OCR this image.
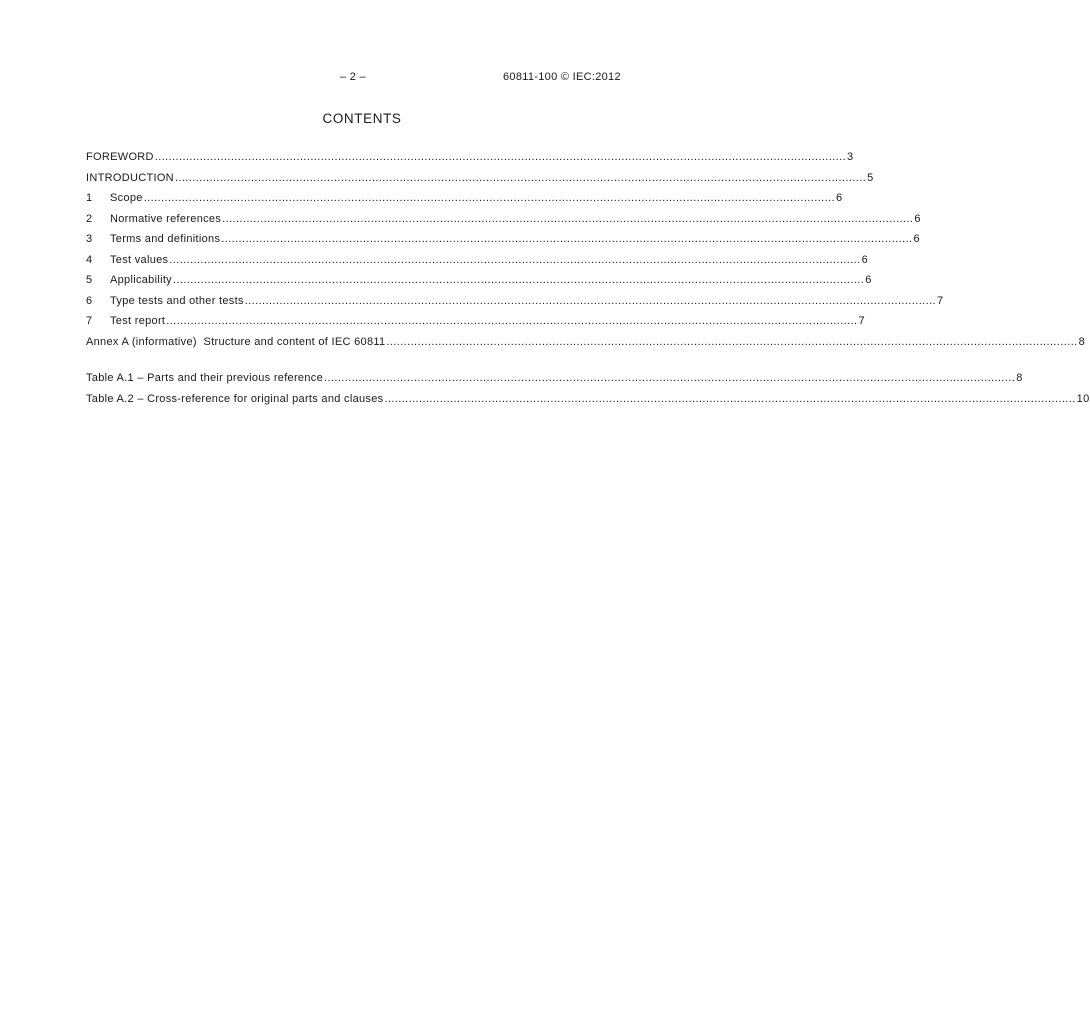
– 2 –	60811-100 © IEC:2012
CONTENTS
FOREWORD ........................................................................................................................................................................................................ 3
INTRODUCTION ........................................................................................................................................................................................................ 5
1	Scope ........................................................................................................................................................................................................ 6
2	Normative references ........................................................................................................................................................................................................ 6
3	Terms and definitions ........................................................................................................................................................................................................ 6
4	Test values ........................................................................................................................................................................................................ 6
5	Applicability ........................................................................................................................................................................................................ 6
6	Type tests and other tests ........................................................................................................................................................................................................ 7
7	Test report ........................................................................................................................................................................................................ 7
Annex A (informative)  Structure and content of IEC 60811 ........................................................................................................................................................................................................ 8
Table A.1 – Parts and their previous reference ........................................................................................................................................................................................................ 8
Table A.2 – Cross-reference for original parts and clauses ........................................................................................................................................................................................................ 10
